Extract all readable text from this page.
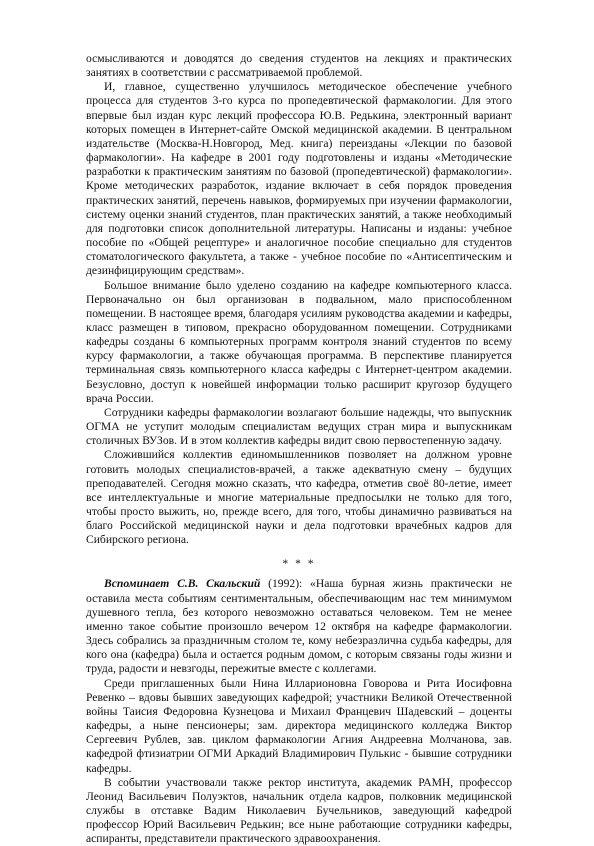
осмысливаются и доводятся до сведения студентов на лекциях и практических занятиях в соответствии с рассматриваемой проблемой.

И, главное, существенно улучшилось методическое обеспечение учебного процесса для студентов 3-го курса по пропедевтической фармакологии. Для этого впервые был издан курс лекций профессора Ю.В. Редькина, электронный вариант которых помещен в Интернет-сайте Омской медицинской академии. В центральном издательстве (Москва-Н.Новгород, Мед. книга) переизданы «Лекции по базовой фармакологии». На кафедре в 2001 году подготовлены и изданы «Методические разработки к практическим занятиям по базовой (пропедевтической) фармакологии». Кроме методических разработок, издание включает в себя порядок проведения практических занятий, перечень навыков, формируемых при изучении фармакологии, систему оценки знаний студентов, план практических занятий, а также необходимый для подготовки список дополнительной литературы. Написаны и изданы: учебное пособие по «Общей рецептуре» и аналогичное пособие специально для студентов стоматологического факультета, а также - учебное пособие по «Антисептическим и дезинфицирующим средствам».

Большое внимание было уделено созданию на кафедре компьютерного класса. Первоначально он был организован в подвальном, мало приспособленном помещении. В настоящее время, благодаря усилиям руководства академии и кафедры, класс размещен в типовом, прекрасно оборудованном помещении. Сотрудниками кафедры созданы 6 компьютерных программ контроля знаний студентов по всему курсу фармакологии, а также обучающая программа. В перспективе планируется терминальная связь компьютерного класса кафедры с Интернет-центром академии. Безусловно, доступ к новейшей информации только расширит кругозор будущего врача России.

Сотрудники кафедры фармакологии возлагают большие надежды, что выпускник ОГМА не уступит молодым специалистам ведущих стран мира и выпускникам столичных ВУЗов. И в этом коллектив кафедры видит свою первостепенную задачу.

Сложившийся коллектив единомышленников позволяет на должном уровне готовить молодых специалистов-врачей, а также адекватную смену – будущих преподавателей. Сегодня можно сказать, что кафедра, отметив своё 80-летие, имеет все интеллектуальные и многие материальные предпосылки не только для того, чтобы просто выжить, но, прежде всего, для того, чтобы динамично развиваться на благо Российской медицинской науки и дела подготовки врачебных кадров для Сибирского региона.

* * *

Вспоминает С.В. Скальский (1992): «Наша бурная жизнь практически не оставила места событиям сентиментальным, обеспечивающим нас тем минимумом душевного тепла, без которого невозможно оставаться человеком. Тем не менее именно такое событие произошло вечером 12 октября на кафедре фармакологии. Здесь собрались за праздничным столом те, кому небезразлична судьба кафедры, для кого она (кафедра) была и остается родным домом, с которым связаны годы жизни и труда, радости и невзгоды, пережитые вместе с коллегами.

Среди приглашенных были Нина Илларионовна Говорова и Рита Иосифовна Ревенко – вдовы бывших заведующих кафедрой; участники Великой Отечественной войны Таисия Федоровна Кузнецова и Михаил Францевич Шадевский – доценты кафедры, а ныне пенсионеры; зам. директора медицинского колледжа Виктор Сергеевич Рублев, зав. циклом фармакологии Агния Андреевна Молчанова, зав. кафедрой фтизиатрии ОГМИ Аркадий Владимирович Пулькис - бывшие сотрудники кафедры.

В событии участвовали также ректор института, академик РАМН, профессор Леонид Васильевич Полуэктов, начальник отдела кадров, полковник медицинской службы в отставке Вадим Николаевич Бучельников, заведующий кафедрой профессор Юрий Васильевич Редькин; все ныне работающие сотрудники кафедры, аспиранты, представители практического здравоохранения.
